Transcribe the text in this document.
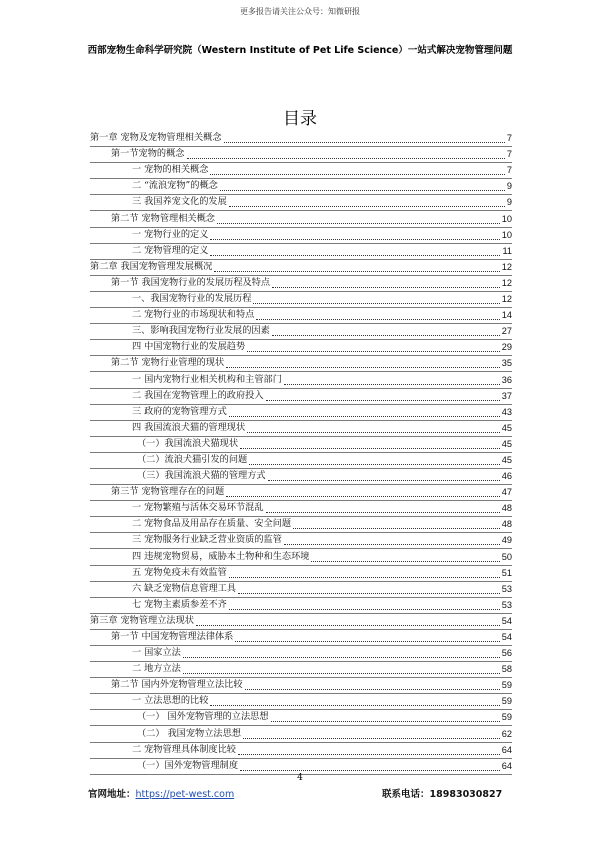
更多报告请关注公众号：知微研报
西部宠物生命科学研究院（Western Institute of Pet Life Science）一站式解决宠物管理问题
目录
第一章 宠物及宠物管理相关概念	7
第一节宠物的概念	7
一 宠物的相关概念	7
二 “流浪宠物”的概念	9
三 我国养宠文化的发展	9
第二节 宠物管理相关概念	10
一 宠物行业的定义	10
二 宠物管理的定义	11
第二章 我国宠物管理发展概况	12
第一节 我国宠物行业的发展历程及特点	12
一、我国宠物行业的发展历程	12
二 宠物行业的市场现状和特点	14
三、影响我国宠物行业发展的因素	27
四 中国宠物行业的发展趋势	29
第二节 宠物行业管理的现状	35
一 国内宠物行业相关机构和主管部门	36
二 我国在宠物管理上的政府投入	37
三 政府的宠物管理方式	43
四 我国流浪犬猫的管理现状	45
（一）我国流浪犬猫现状	45
（二）流浪犬猫引发的问题	45
（三）我国流浪犬猫的管理方式	46
第三节 宠物管理存在的问题	47
一 宠物繁殖与活体交易环节混乱	48
二 宠物食品及用品存在质量、安全问题	48
三 宠物服务行业缺乏营业资质的监管	49
四 违规宠物贸易，威胁本土物种和生态环境	50
五 宠物免疫未有效监管	51
六 缺乏宠物信息管理工具	53
七 宠物主素质参差不齐	53
第三章 宠物管理立法现状	54
第一节 中国宠物管理法律体系	54
一 国家立法	56
二 地方立法	58
第二节 国内外宠物管理立法比较	59
一 立法思想的比较	59
（一） 国外宠物管理的立法思想	59
（二） 我国宠物立法思想	62
二 宠物管理具体制度比较	64
（一）国外宠物管理制度	64
4
官网地址：https://pet-west.com	联系电话：18983030827
